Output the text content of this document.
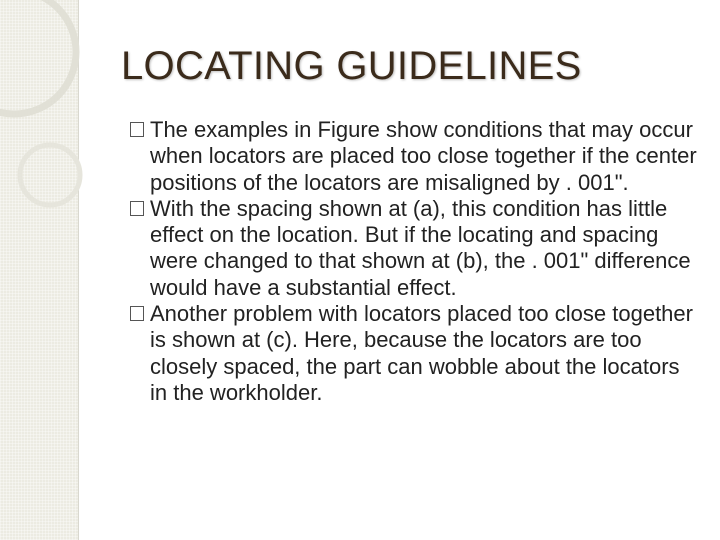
LOCATING GUIDELINES

The examples in Figure show conditions that may occur when locators are placed too close together if the center positions of the locators are misaligned by . 001".

With the spacing shown at (a), this condition has little effect on the location. But if the locating and spacing were changed to that shown at (b), the . 001" difference would have a substantial effect.

Another problem with locators placed too close together is shown at (c). Here, because the locators are too closely spaced, the part can wobble about the locators in the workholder.
